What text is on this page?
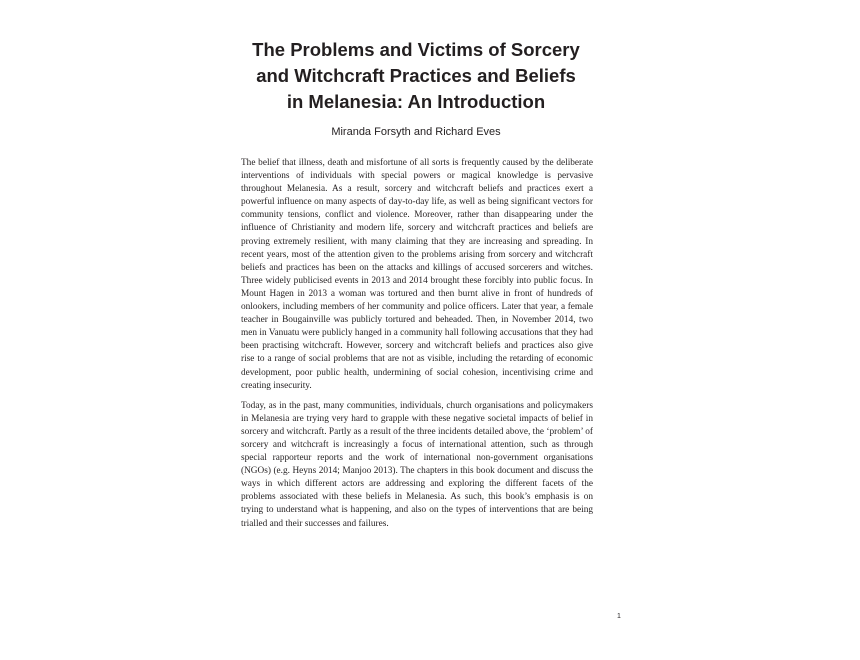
The Problems and Victims of Sorcery
and Witchcraft Practices and Beliefs
in Melanesia: An Introduction
Miranda Forsyth and Richard Eves

The belief that illness, death and misfortune of all sorts is frequently caused by the deliberate interventions of individuals with special powers or magical knowledge is pervasive throughout Melanesia. As a result, sorcery and witchcraft beliefs and practices exert a powerful influence on many aspects of day-to-day life, as well as being significant vectors for community tensions, conflict and violence. Moreover, rather than disappearing under the influence of Christianity and modern life, sorcery and witchcraft practices and beliefs are proving extremely resilient, with many claiming that they are increasing and spreading. In recent years, most of the attention given to the problems arising from sorcery and witchcraft beliefs and practices has been on the attacks and killings of accused sorcerers and witches. Three widely publicised events in 2013 and 2014 brought these forcibly into public focus. In Mount Hagen in 2013 a woman was tortured and then burnt alive in front of hundreds of onlookers, including members of her community and police officers. Later that year, a female teacher in Bougainville was publicly tortured and beheaded. Then, in November 2014, two men in Vanuatu were publicly hanged in a community hall following accusations that they had been practising witchcraft. However, sorcery and witchcraft beliefs and practices also give rise to a range of social problems that are not as visible, including the retarding of economic development, poor public health, undermining of social cohesion, incentivising crime and creating insecurity.

Today, as in the past, many communities, individuals, church organisations and policymakers in Melanesia are trying very hard to grapple with these negative societal impacts of belief in sorcery and witchcraft. Partly as a result of the three incidents detailed above, the ‘problem’ of sorcery and witchcraft is increasingly a focus of international attention, such as through special rapporteur reports and the work of international non-government organisations (NGOs) (e.g. Heyns 2014; Manjoo 2013). The chapters in this book document and discuss the ways in which different actors are addressing and exploring the different facets of the problems associated with these beliefs in Melanesia. As such, this book’s emphasis is on trying to understand what is happening, and also on the types of interventions that are being trialled and their successes and failures.

1
